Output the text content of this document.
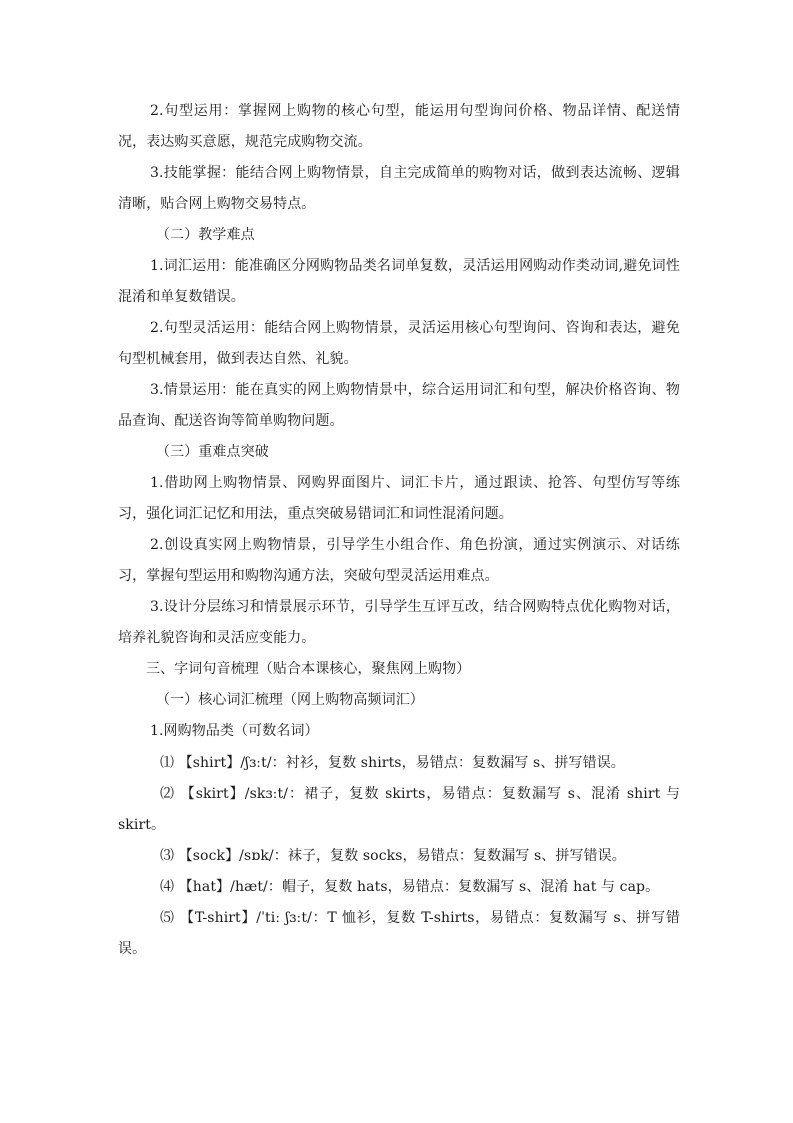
2.句型运用：掌握网上购物的核心句型，能运用句型询问价格、物品详情、配送情况，表达购买意愿，规范完成购物交流。

3.技能掌握：能结合网上购物情景，自主完成简单的购物对话，做到表达流畅、逻辑清晰，贴合网上购物交易特点。

（二）教学难点

1.词汇运用：能准确区分网购物品类名词单复数，灵活运用网购动作类动词,避免词性混淆和单复数错误。

2.句型灵活运用：能结合网上购物情景，灵活运用核心句型询问、咨询和表达，避免句型机械套用，做到表达自然、礼貌。

3.情景运用：能在真实的网上购物情景中，综合运用词汇和句型，解决价格咨询、物品查询、配送咨询等简单购物问题。

（三）重难点突破

1.借助网上购物情景、网购界面图片、词汇卡片，通过跟读、抢答、句型仿写等练习，强化词汇记忆和用法，重点突破易错词汇和词性混淆问题。

2.创设真实网上购物情景，引导学生小组合作、角色扮演，通过实例演示、对话练习，掌握句型运用和购物沟通方法，突破句型灵活运用难点。

3.设计分层练习和情景展示环节，引导学生互评互改，结合网购特点优化购物对话，培养礼貌咨询和灵活应变能力。

三、字词句音梳理（贴合本课核心，聚焦网上购物）

（一）核心词汇梳理（网上购物高频词汇）

1.网购物品类（可数名词）

⑴ 【shirt】/ʃɜːt/：衬衫，复数 shirts，易错点：复数漏写 s、拼写错误。

⑵ 【skirt】/skɜːt/：裙子，复数 skirts，易错点：复数漏写 s、混淆 shirt 与 skirt。

⑶ 【sock】/sɒk/：袜子，复数 socks，易错点：复数漏写 s、拼写错误。

⑷ 【hat】/hæt/：帽子，复数 hats，易错点：复数漏写 s、混淆 hat 与 cap。

⑸ 【T-shirt】/ˈtiː ʃɜːt/：T 恤衫，复数 T-shirts，易错点：复数漏写 s、拼写错误。
